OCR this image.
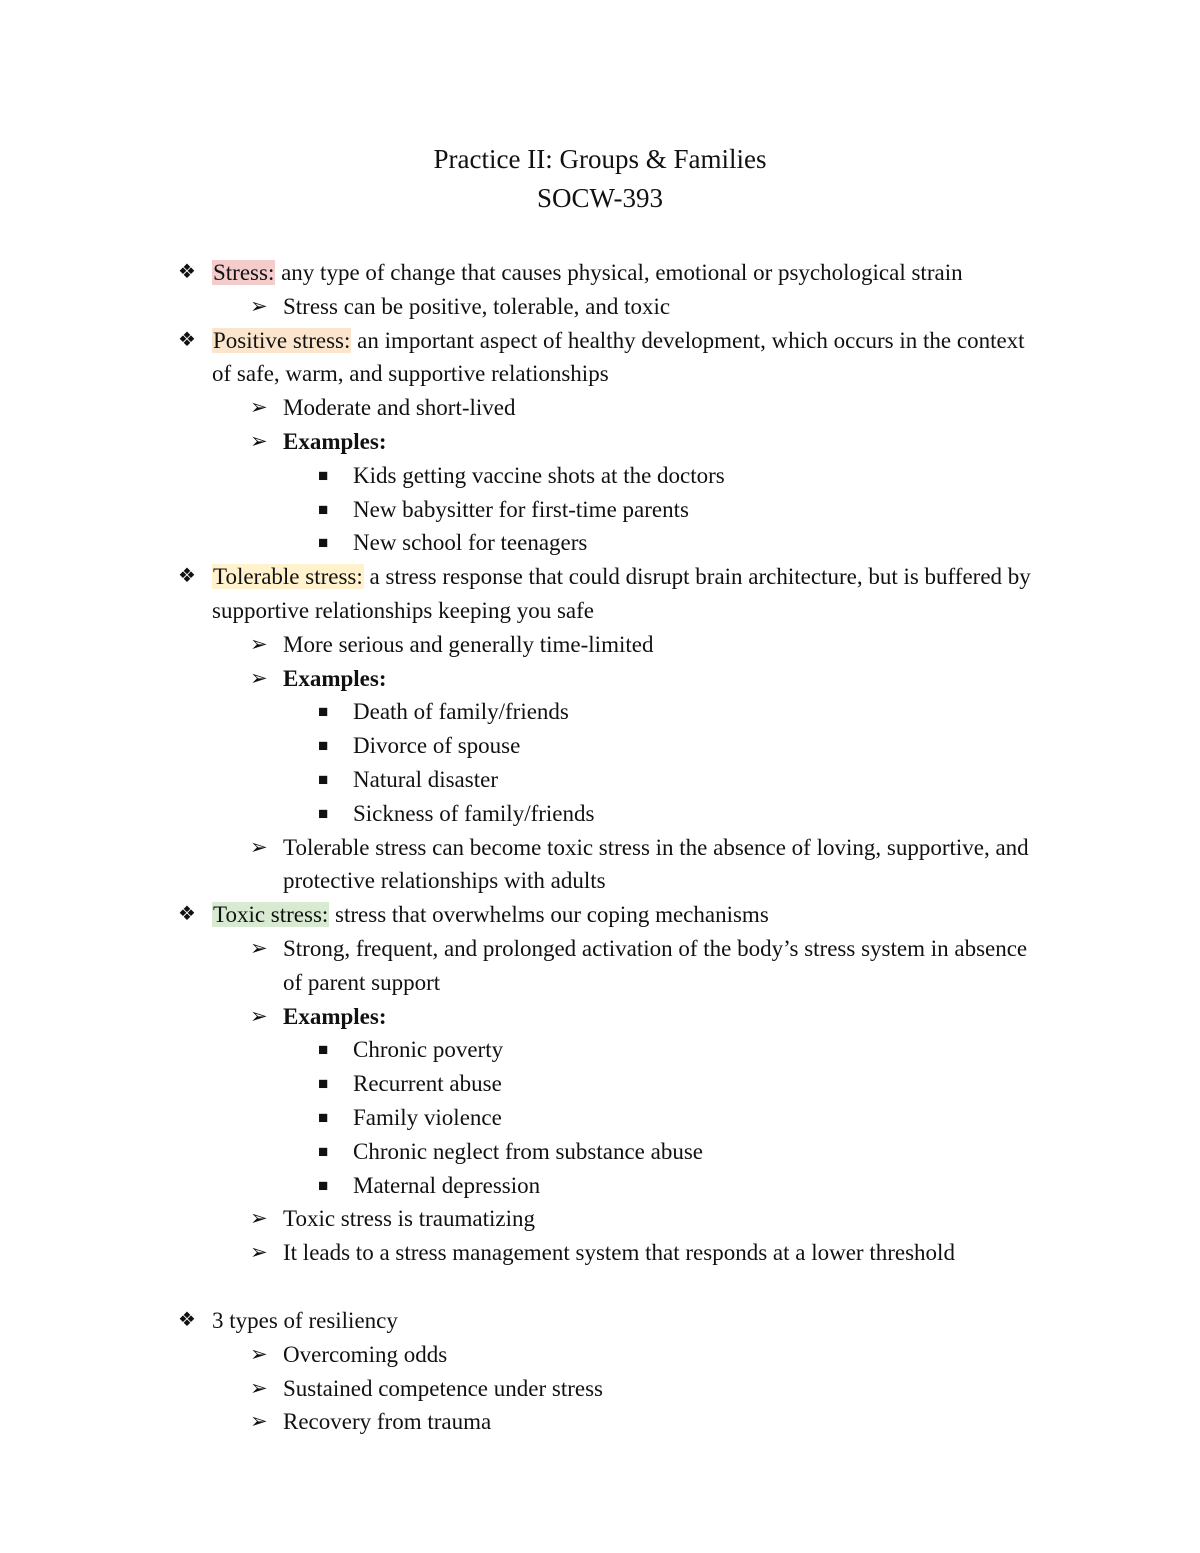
Practice II: Groups & Families
SOCW-393
❖ Stress: any type of change that causes physical, emotional or psychological strain
➢ Stress can be positive, tolerable, and toxic
❖ Positive stress: an important aspect of healthy development, which occurs in the context of safe, warm, and supportive relationships
➢ Moderate and short-lived
➢ Examples:
■ Kids getting vaccine shots at the doctors
■ New babysitter for first-time parents
■ New school for teenagers
❖ Tolerable stress: a stress response that could disrupt brain architecture, but is buffered by supportive relationships keeping you safe
➢ More serious and generally time-limited
➢ Examples:
■ Death of family/friends
■ Divorce of spouse
■ Natural disaster
■ Sickness of family/friends
➢ Tolerable stress can become toxic stress in the absence of loving, supportive, and protective relationships with adults
❖ Toxic stress: stress that overwhelms our coping mechanisms
➢ Strong, frequent, and prolonged activation of the body’s stress system in absence of parent support
➢ Examples:
■ Chronic poverty
■ Recurrent abuse
■ Family violence
■ Chronic neglect from substance abuse
■ Maternal depression
➢ Toxic stress is traumatizing
➢ It leads to a stress management system that responds at a lower threshold
❖ 3 types of resiliency
➢ Overcoming odds
➢ Sustained competence under stress
➢ Recovery from trauma
